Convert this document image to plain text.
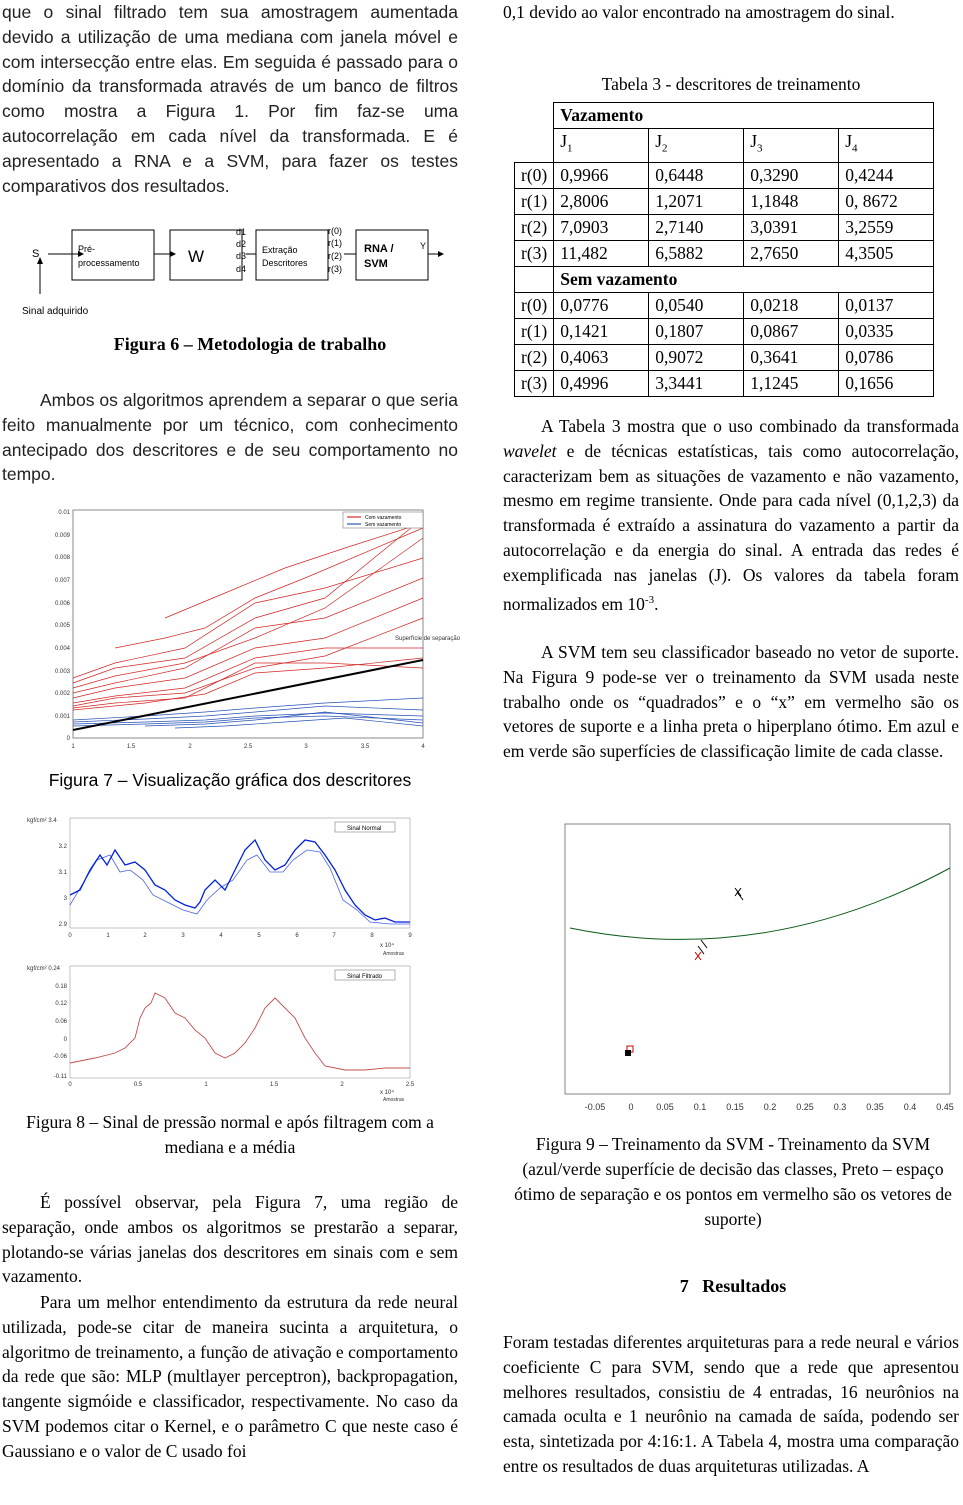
que o sinal filtrado tem sua amostragem aumentada devido a utilização de uma mediana com janela móvel e com intersecção entre elas. Em seguida é passado para o domínio da transformada através de um banco de filtros como mostra a Figura 1. Por fim faz-se uma autocorrelação em cada nível da transformada. E é apresentado a RNA e a SVM, para fazer os testes comparativos dos resultados.

S	Pré-
processamento	W
d1
d2
d3
d4
Extração
Descritores
r(0)
r(1)
r(2)
r(3)
RNA /
SVM
Y
Sinal adquirido
Figura 6 – Metodologia de trabalho

Ambos os algoritmos aprendem a separar o que seria feito manualmente por um técnico, com conhecimento antecipado dos descritores e de seu comportamento no tempo.

Superfície de separação
Com vazamento
Sem vazamento
0.01
0.009
0.008
0.007
0.006
0.005
0.004
0.003
0.002
0.001
0
1	1.5	2	2.5	3	3.5	4
Figura 7 – Visualização gráfica dos descritores
Sinal Normal
kgf/cm² 3.4
3.2
3.1
3
2.9
0	1	2	3	4	5	6	7	8	9
x 10⁴
Amostras
Sinal Filtrado
kgf/cm² 0.24
0.18
0.12
0.06
0
-0.06
-0.11
0	0.5	1	1.5	2	2.5
x 10⁴
Amostras
Figura 8 – Sinal de pressão normal e após filtragem com a mediana e a média

É possível observar, pela Figura 7, uma região de separação, onde ambos os algoritmos se prestarão a separar, plotando-se várias janelas dos descritores em sinais com e sem vazamento.

Para um melhor entendimento da estrutura da rede neural utilizada, pode-se citar de maneira sucinta a arquitetura, o algoritmo de treinamento, a função de ativação e comportamento da rede que são: MLP (multlayer perceptron), backpropagation, tangente sigmóide e classificador, respectivamente. No caso da SVM podemos citar o Kernel, e o parâmetro C que neste caso é Gaussiano e o valor de C usado foi

0,1 devido ao valor encontrado na amostragem do sinal.

Tabela 3 - descritores de treinamento
	Vazamento			
	$J_1$	$J_2$	$J_3$	$J_4$
r(0)	0,9966	0,6448	0,3290	0,4244
r(1)	2,8006	1,2071	1,1848	0, 8672
r(2)	7,0903	2,7140	3,0391	3,2559
r(3)	11,482	6,5882	2,7650	4,3505
	Sem vazamento			
r(0)	0,0776	0,0540	0,0218	0,0137
r(1)	0,1421	0,1807	0,0867	0,0335
r(2)	0,4063	0,9072	0,3641	0,0786
r(3)	0,4996	3,3441	1,1245	0,1656

A Tabela 3 mostra que o uso combinado da transformada wavelet e de técnicas estatísticas, tais como autocorrelação, caracterizam bem as situações de vazamento e não vazamento, mesmo em regime transiente. Onde para cada nível (0,1,2,3) da transformada é extraído a assinatura do vazamento a partir da autocorrelação e da energia do sinal. A entrada das redes é exemplificada nas janelas (J). Os valores da tabela foram normalizados em $10^{-3}$.

A SVM tem seu classificador baseado no vetor de suporte. Na Figura 9 pode-se ver o treinamento da SVM usada neste trabalho onde os “quadrados” e o “x” em vermelho são os vetores de suporte e a linha preta o hiperplano ótimo. Em azul e em verde são superfícies de classificação limite de cada classe.

-0.05	0	0.05 0.1 0.15 0.2 0.25 0.3 0.35 0.4 0.45
Figura 9 – Treinamento da SVM - Treinamento da SVM (azul/verde superfície de decisão das classes, Preto – espaço ótimo de separação e os pontos em vermelho são os vetores de suporte)
7   Resultados

Foram testadas diferentes arquiteturas para a rede neural e vários coeficiente C para SVM, sendo que a rede que apresentou melhores resultados, consistiu de 4 entradas, 16 neurônios na camada oculta e 1 neurônio na camada de saída, podendo ser esta, sintetizada por 4:16:1. A Tabela 4, mostra uma comparação entre os resultados de duas arquiteturas utilizadas. A
